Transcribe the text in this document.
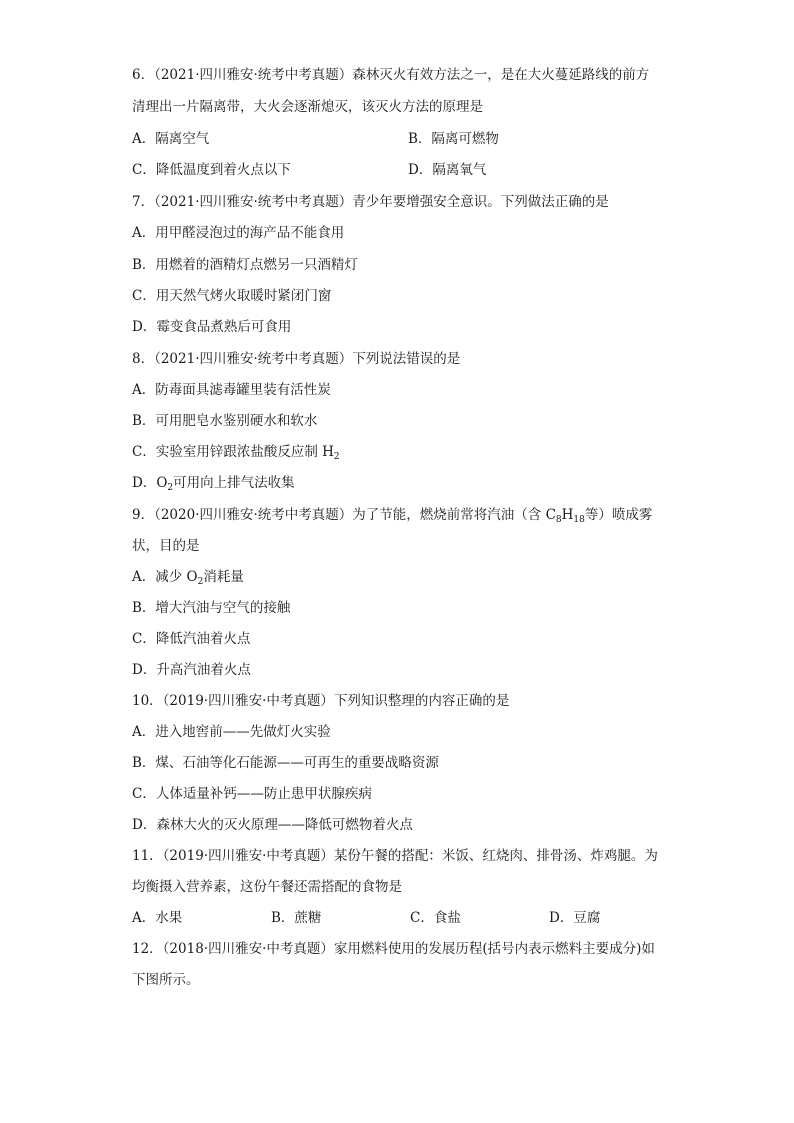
6．（2021·四川雅安·统考中考真题）森林灭火有效方法之一，是在大火蔓延路线的前方
清理出一片隔离带，大火会逐渐熄灭，该灭火方法的原理是
A．隔离空气	B．隔离可燃物
C．降低温度到着火点以下	D．隔离氧气
7．（2021·四川雅安·统考中考真题）青少年要增强安全意识。下列做法正确的是
A．用甲醛浸泡过的海产品不能食用
B．用燃着的酒精灯点燃另一只酒精灯
C．用天然气烤火取暖时紧闭门窗
D．霉变食品煮熟后可食用
8．（2021·四川雅安·统考中考真题）下列说法错误的是
A．防毒面具滤毒罐里装有活性炭
B．可用肥皂水鉴别硬水和软水
C．实验室用锌跟浓盐酸反应制 $H_2$
D．$O_2$可用向上排气法收集
9．（2020·四川雅安·统考中考真题）为了节能，燃烧前常将汽油（含 $C_8H_{18}$等）喷成雾
状，目的是
A．减少 $O_2$消耗量
B．增大汽油与空气的接触
C．降低汽油着火点
D．升高汽油着火点
10．（2019·四川雅安·中考真题）下列知识整理的内容正确的是
A．进入地窖前——先做灯火实验
B．煤、石油等化石能源——可再生的重要战略资源
C．人体适量补钙——防止患甲状腺疾病
D．森林大火的灭火原理——降低可燃物着火点
11．（2019·四川雅安·中考真题）某份午餐的搭配：米饭、红烧肉、排骨汤、炸鸡腿。为
均衡摄入营养素，这份午餐还需搭配的食物是
A．水果	B．蔗糖	C．食盐	D．豆腐
12．（2018·四川雅安·中考真题）家用燃料使用的发展历程(括号内表示燃料主要成分)如
下图所示。
